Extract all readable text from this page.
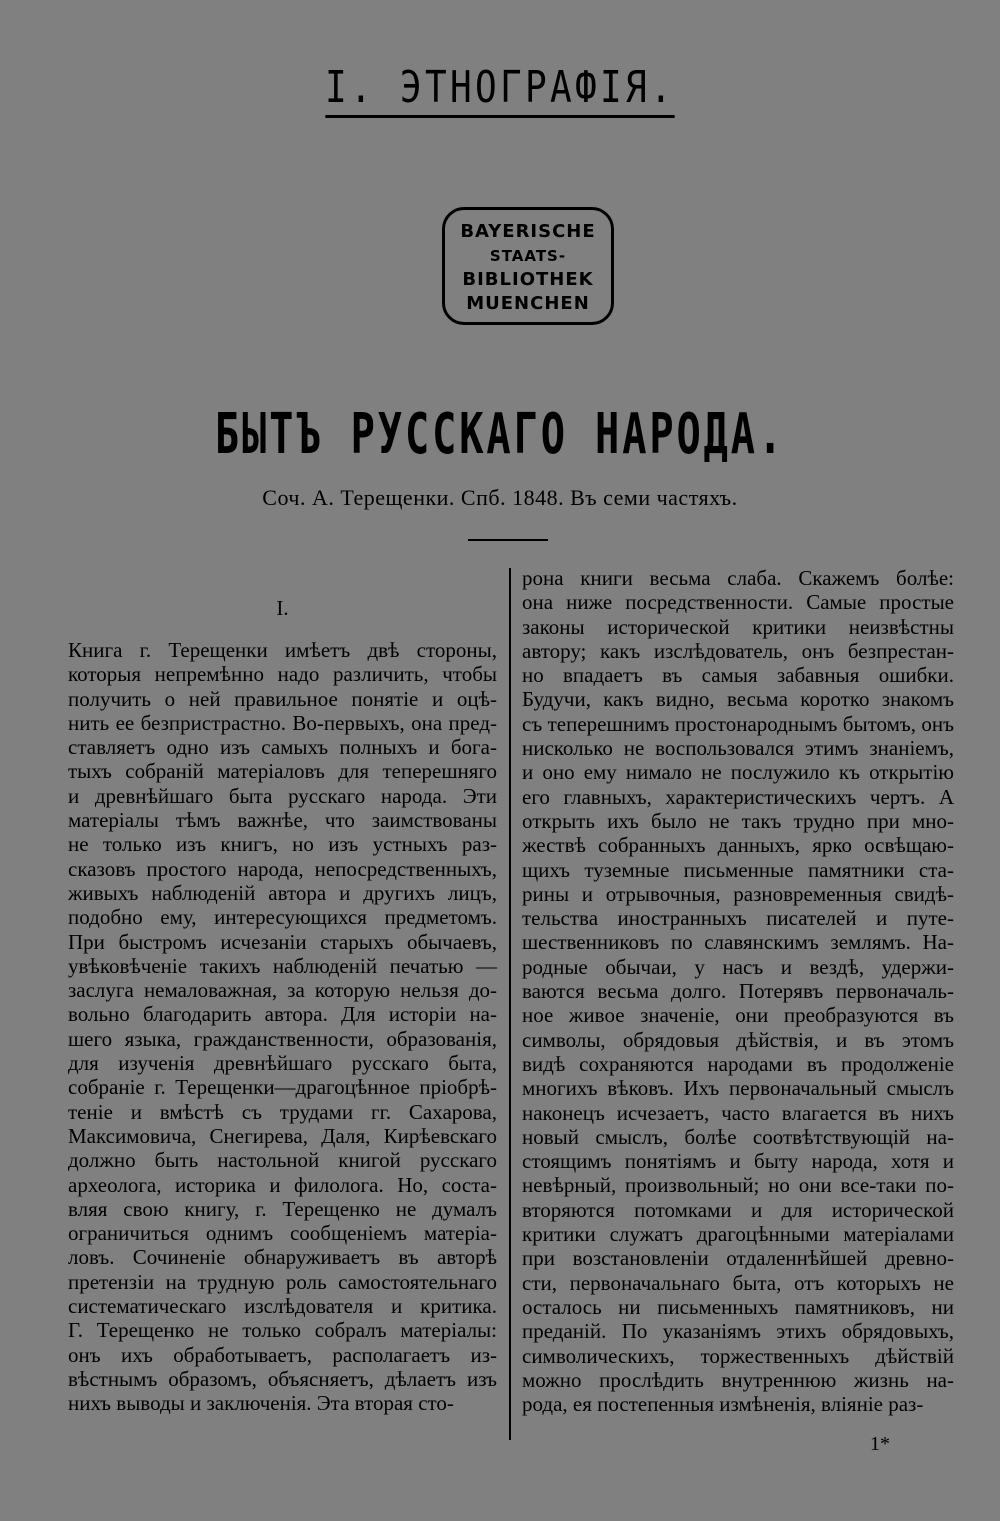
I. ЭТНОГРАФІЯ.
BAYERISCHE
STAATS-
BIBLIOTHEK
MUENCHEN
БЫТЪ РУССКАГО НАРОДА.
Соч. А. Терещенки. Спб. 1848. Въ семи частяхъ.
I.
Книга г. Терещенки имѣетъ двѣ стороны,
которыя непремѣнно надо различить, чтобы
получить о ней правильное понятіе и оцѣ-
нить ее безпристрастно. Во-первыхъ, она пред-
ставляетъ одно изъ самыхъ полныхъ и бога-
тыхъ собраній матеріаловъ для теперешняго
и древнѣйшаго быта русскаго народа. Эти
матеріалы тѣмъ важнѣе, что заимствованы
не только изъ книгъ, но изъ устныхъ раз-
сказовъ простого народа, непосредственныхъ,
живыхъ наблюденій автора и другихъ лицъ,
подобно ему, интересующихся предметомъ.
При быстромъ исчезаніи старыхъ обычаевъ,
увѣковѣченіе такихъ наблюденій печатью —
заслуга немаловажная, за которую нельзя до-
вольно благодарить автора. Для исторіи на-
шего языка, гражданственности, образованія,
для изученія древнѣйшаго русскаго быта,
собраніе г. Терещенки—драгоцѣнное пріобрѣ-
теніе и вмѣстѣ съ трудами гг. Сахарова,
Максимовича, Снегирева, Даля, Кирѣевскаго
должно быть настольной книгой русскаго
археолога, историка и филолога. Но, соста-
вляя свою книгу, г. Терещенко не думалъ
ограничиться однимъ сообщеніемъ матеріа-
ловъ. Сочиненіе обнаруживаетъ въ авторѣ
претензіи на трудную роль самостоятельнаго
систематическаго изслѣдователя и критика.
Г. Терещенко не только собралъ матеріалы:
онъ ихъ обработываетъ, располагаетъ из-
вѣстнымъ образомъ, объясняетъ, дѣлаетъ изъ
нихъ выводы и заключенія. Эта вторая сто-
рона книги весьма слаба. Скажемъ болѣе:
она ниже посредственности. Самые простые
законы исторической критики неизвѣстны
автору; какъ изслѣдователь, онъ безпрестан-
но впадаетъ въ самыя забавныя ошибки.
Будучи, какъ видно, весьма коротко знакомъ
съ теперешнимъ простонароднымъ бытомъ, онъ
нисколько не воспользовался этимъ знаніемъ,
и оно ему нимало не послужило къ открытію
его главныхъ, характеристическихъ чертъ. А
открыть ихъ было не такъ трудно при мно-
жествѣ собранныхъ данныхъ, ярко освѣщаю-
щихъ туземные письменные памятники ста-
рины и отрывочныя, разновременныя свидѣ-
тельства иностранныхъ писателей и путе-
шественниковъ по славянскимъ землямъ. На-
родные обычаи, у насъ и вездѣ, удержи-
ваются весьма долго. Потерявъ первоначаль-
ное живое значеніе, они преобразуются въ
символы, обрядовыя дѣйствія, и въ этомъ
видѣ сохраняются народами въ продолженіе
многихъ вѣковъ. Ихъ первоначальный смыслъ
наконецъ исчезаетъ, часто влагается въ нихъ
новый смыслъ, болѣе соотвѣтствующій на-
стоящимъ понятіямъ и быту народа, хотя и
невѣрный, произвольный; но они все-таки по-
вторяются потомками и для исторической
критики служатъ драгоцѣнными матеріалами
при возстановленіи отдаленнѣйшей древно-
сти, первоначальнаго быта, отъ которыхъ не
осталось ни письменныхъ памятниковъ, ни
преданій. По указаніямъ этихъ обрядовыхъ,
символическихъ, торжественныхъ дѣйствій
можно прослѣдить внутреннюю жизнь на-
рода, ея постепенныя измѣненія, вліяніе раз-
1*
